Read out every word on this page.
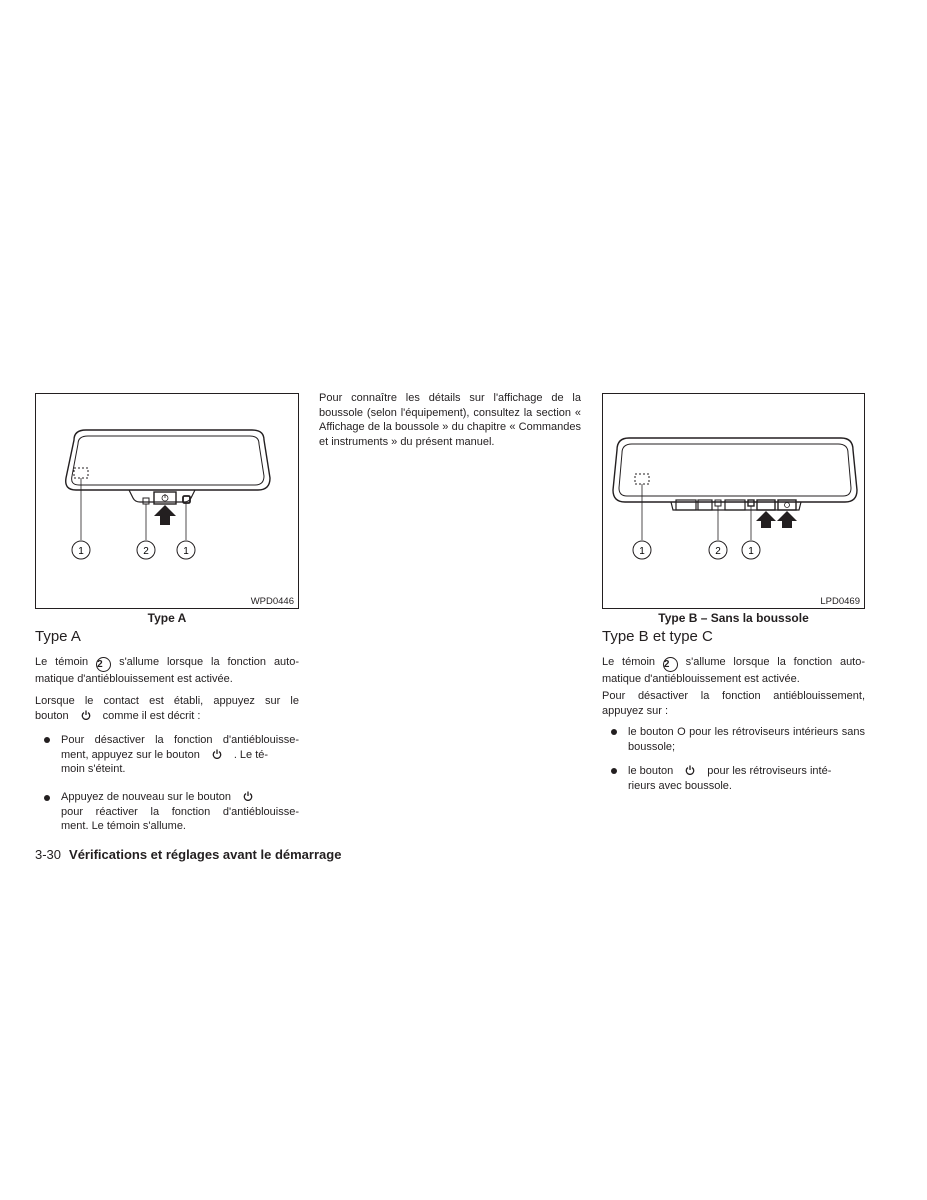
1	2	1
WPD0446
Type A
1	2	1
LPD0469
Type B – Sans la boussole
Type A
Le témoin 2 s'allume lorsque la fonction auto-
matique d'antiéblouissement est activée.
Lorsque le contact est établi, appuyez sur le
bouton	comme il est décrit :
Pour désactiver la fonction d'antiéblouisse-
ment, appuyez sur le bouton	. Le té-
moin s'éteint.
Appuyez de nouveau sur le bouton
pour réactiver la fonction d'antiéblouisse-
ment. Le témoin s'allume.
Pour connaître les détails sur l'affichage de la boussole (selon l'équipement), consultez la section « Affichage de la boussole » du chapitre « Commandes et instruments » du présent manuel.
Type B et type C
Le témoin 2 s'allume lorsque la fonction auto-
matique d'antiéblouissement est activée.
Pour désactiver la fonction antiéblouissement, appuyez sur :
le bouton O pour les rétroviseurs intérieurs sans boussole;
le bouton	pour les rétroviseurs inté-
rieurs avec boussole.
3-30 Vérifications et réglages avant le démarrage
